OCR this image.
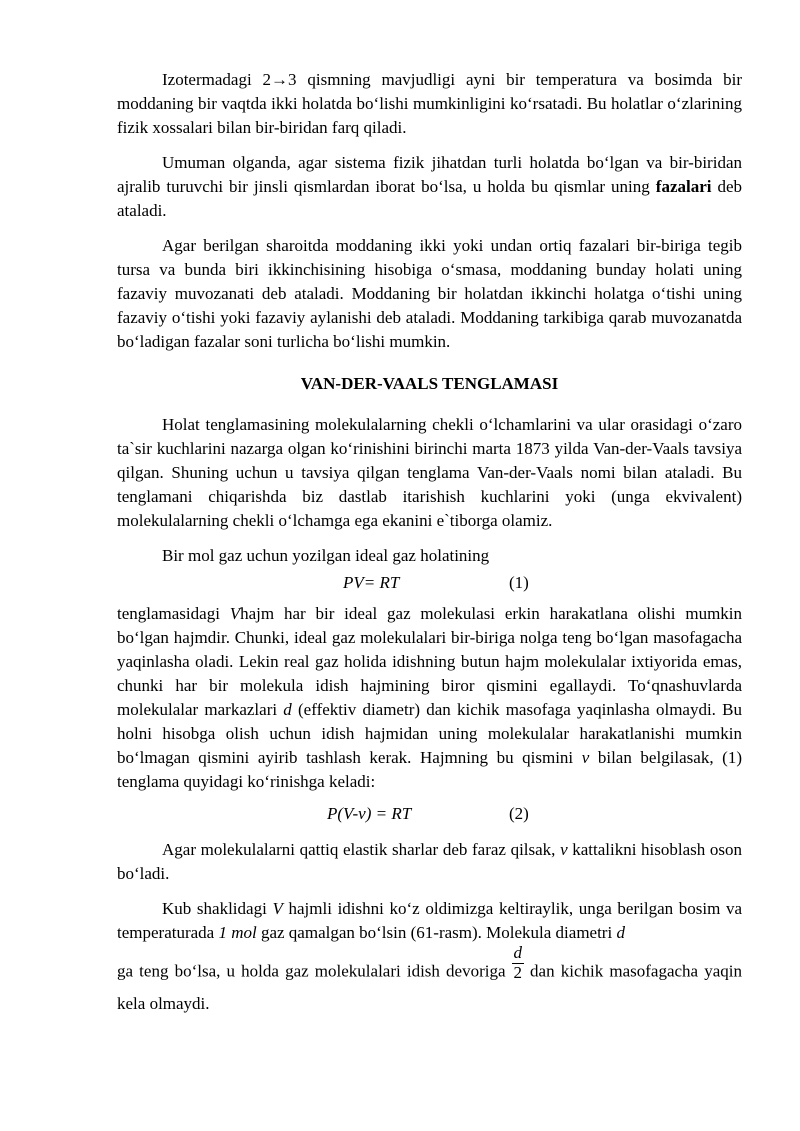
Izotermadagi 2→3 qismning mavjudligi ayni bir temperatura va bosimda bir moddaning bir vaqtda ikki holatda bo‘lishi mumkinligini ko‘rsatadi. Bu holatlar o‘zlarining fizik xossalari bilan bir-biridan farq qiladi.

Umuman olganda, agar sistema fizik jihatdan turli holatda bo‘lgan va bir-biridan ajralib turuvchi bir jinsli qismlardan iborat bo‘lsa, u holda bu qismlar uning fazalari deb ataladi.

Agar berilgan sharoitda moddaning ikki yoki undan ortiq fazalari bir-biriga tegib tursa va bunda biri ikkinchisining hisobiga o‘smasa, moddaning bunday holati uning fazaviy muvozanati deb ataladi. Moddaning bir holatdan ikkinchi holatga o‘tishi uning fazaviy o‘tishi yoki fazaviy aylanishi deb ataladi. Moddaning tarkibiga qarab muvozanatda bo‘ladigan fazalar soni turlicha bo‘lishi mumkin.

VAN-DER-VAALS TENGLAMASI

Holat tenglamasining molekulalarning chekli o‘lchamlarini va ular orasidagi o‘zaro ta`sir kuchlarini nazarga olgan ko‘rinishini birinchi marta 1873 yilda Van-der-Vaals tavsiya qilgan. Shuning uchun u tavsiya qilgan tenglama Van-der-Vaals nomi bilan ataladi. Bu tenglamani chiqarishda biz dastlab itarishish kuchlarini yoki (unga ekvivalent) molekulalarning chekli o‘lchamga ega ekanini e`tiborga olamiz.

Bir mol gaz uchun yozilgan ideal gaz holatining

PV= RT	(1)

tenglamasidagi Vhajm har bir ideal gaz molekulasi erkin harakatlana olishi mumkin bo‘lgan hajmdir. Chunki, ideal gaz molekulalari bir-biriga nolga teng bo‘lgan masofagacha yaqinlasha oladi. Lekin real gaz holida idishning butun hajm molekulalar ixtiyorida emas, chunki har bir molekula idish hajmining biror qismini egallaydi. To‘qnashuvlarda molekulalar markazlari d (effektiv diametr) dan kichik masofaga yaqinlasha olmaydi. Bu holni hisobga olish uchun idish hajmidan uning molekulalar harakatlanishi mumkin bo‘lmagan qismini ayirib tashlash kerak. Hajmning bu qismini v bilan belgilasak, (1) tenglama quyidagi ko‘rinishga keladi:

P(V-v) = RT	(2)

Agar molekulalarni qattiq elastik sharlar deb faraz qilsak, v kattalikni hisoblash oson bo‘ladi.

Kub shaklidagi V hajmli idishni ko‘z oldimizga keltiraylik, unga berilgan bosim va temperaturada 1 mol gaz qamalgan bo‘lsin (61-rasm). Molekula diametri d

ga teng bo‘lsa, u holda gaz molekulalari idish devoriga $\frac{d}{2}$ dan kichik masofagacha yaqin kela olmaydi.
